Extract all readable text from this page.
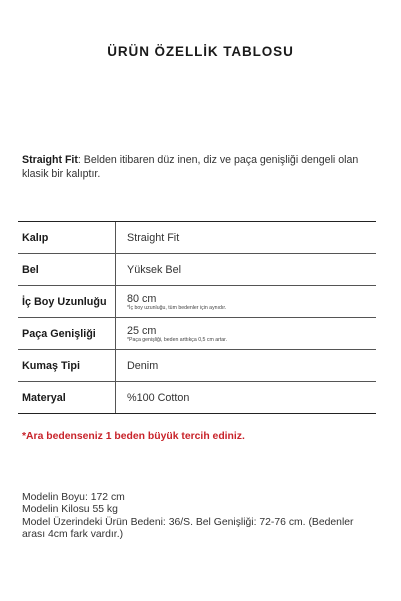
ÜRÜN ÖZELLİK TABLOSU
Straight Fit: Belden itibaren düz inen, diz ve paça genişliği dengeli olan klasik bir kalıptır.
Kalıp	Straight Fit
Bel	Yüksek Bel
İç Boy Uzunluğu	80 cm
*İç boy uzunluğu, tüm bedenler için aynıdır.
Paça Genişliği	25 cm
*Paça genişliği, beden arttıkça 0,5 cm artar.
Kumaş Tipi	Denim
Materyal	%100 Cotton
*Ara bedenseniz 1 beden büyük tercih ediniz.
Modelin Boyu: 172 cm
Modelin Kilosu 55 kg
Model Üzerindeki Ürün Bedeni: 36/S. Bel Genişliği: 72-76 cm. (Bedenler arası 4cm fark vardır.)
